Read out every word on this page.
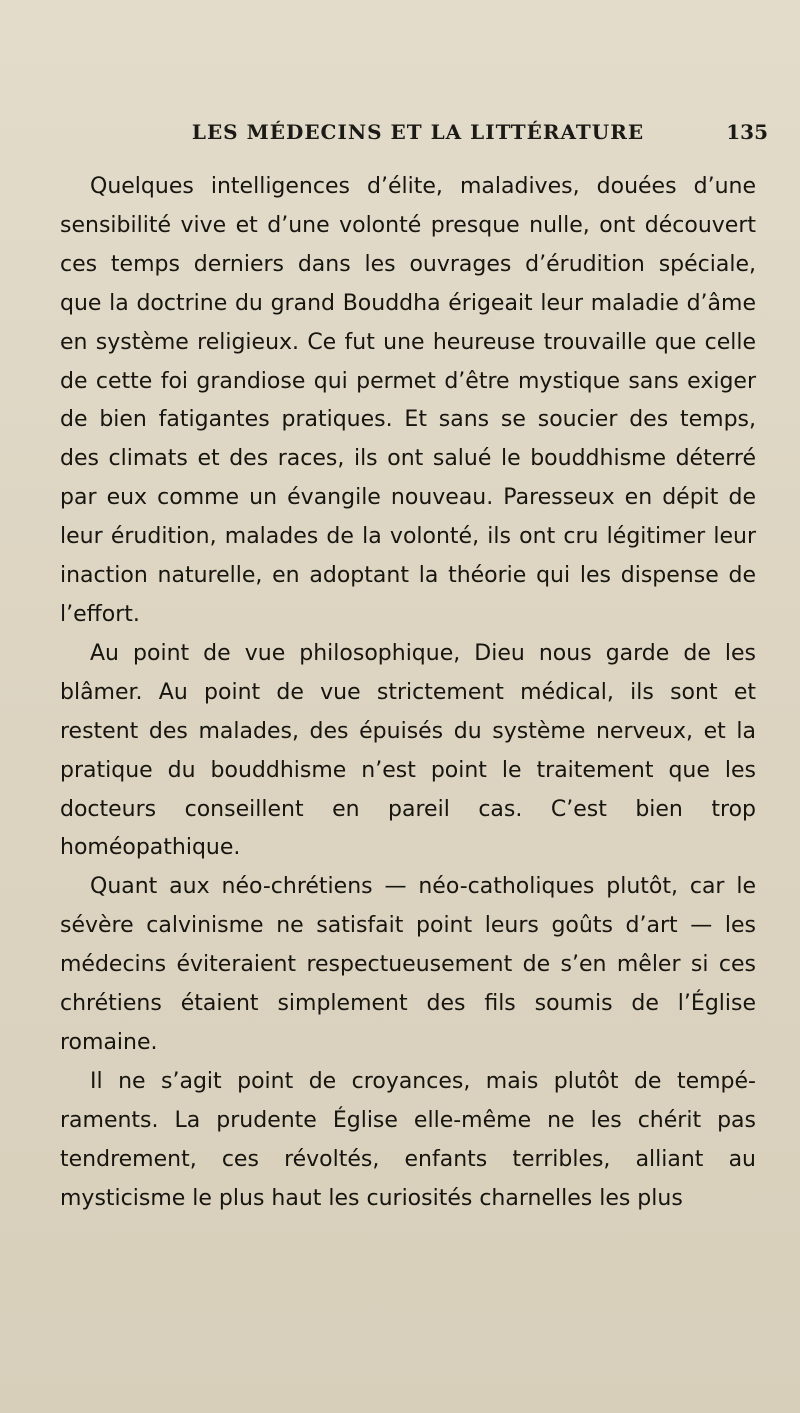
LES MÉDECINS ET LA LITTÉRATURE	135

Quelques intelligences d’élite, maladives, douées d’une sensibilité vive et d’une volonté presque nulle, ont découvert ces temps derniers dans les ouvrages d’érudition spéciale, que la doctrine du grand Bouddha érigeait leur maladie d’âme en système religieux. Ce fut une heureuse trouvaille que celle de cette foi grandiose qui permet d’être mystique sans exiger de bien fatigantes pratiques. Et sans se soucier des temps, des climats et des races, ils ont salué le bouddhisme déterré par eux comme un évangile nouveau. Paresseux en dépit de leur érudition, malades de la volonté, ils ont cru légitimer leur inaction naturelle, en adoptant la théorie qui les dispense de l’effort.

Au point de vue philosophique, Dieu nous garde de les blâmer. Au point de vue strictement médical, ils sont et restent des malades, des épuisés du système nerveux, et la pratique du bouddhisme n’est point le traitement que les docteurs conseillent en pareil cas. C’est bien trop homéopathique.

Quant aux néo-chrétiens — néo-catholiques plutôt, car le sévère calvinisme ne satisfait point leurs goûts d’art — les médecins éviteraient respectueusement de s’en mêler si ces chrétiens étaient simplement des fils soumis de l’Église romaine.

Il ne s’agit point de croyances, mais plutôt de tempéraments. La prudente Église elle-même ne les chérit pas tendrement, ces révoltés, enfants terribles, alliant au mysticisme le plus haut les curiosités charnelles les plus
